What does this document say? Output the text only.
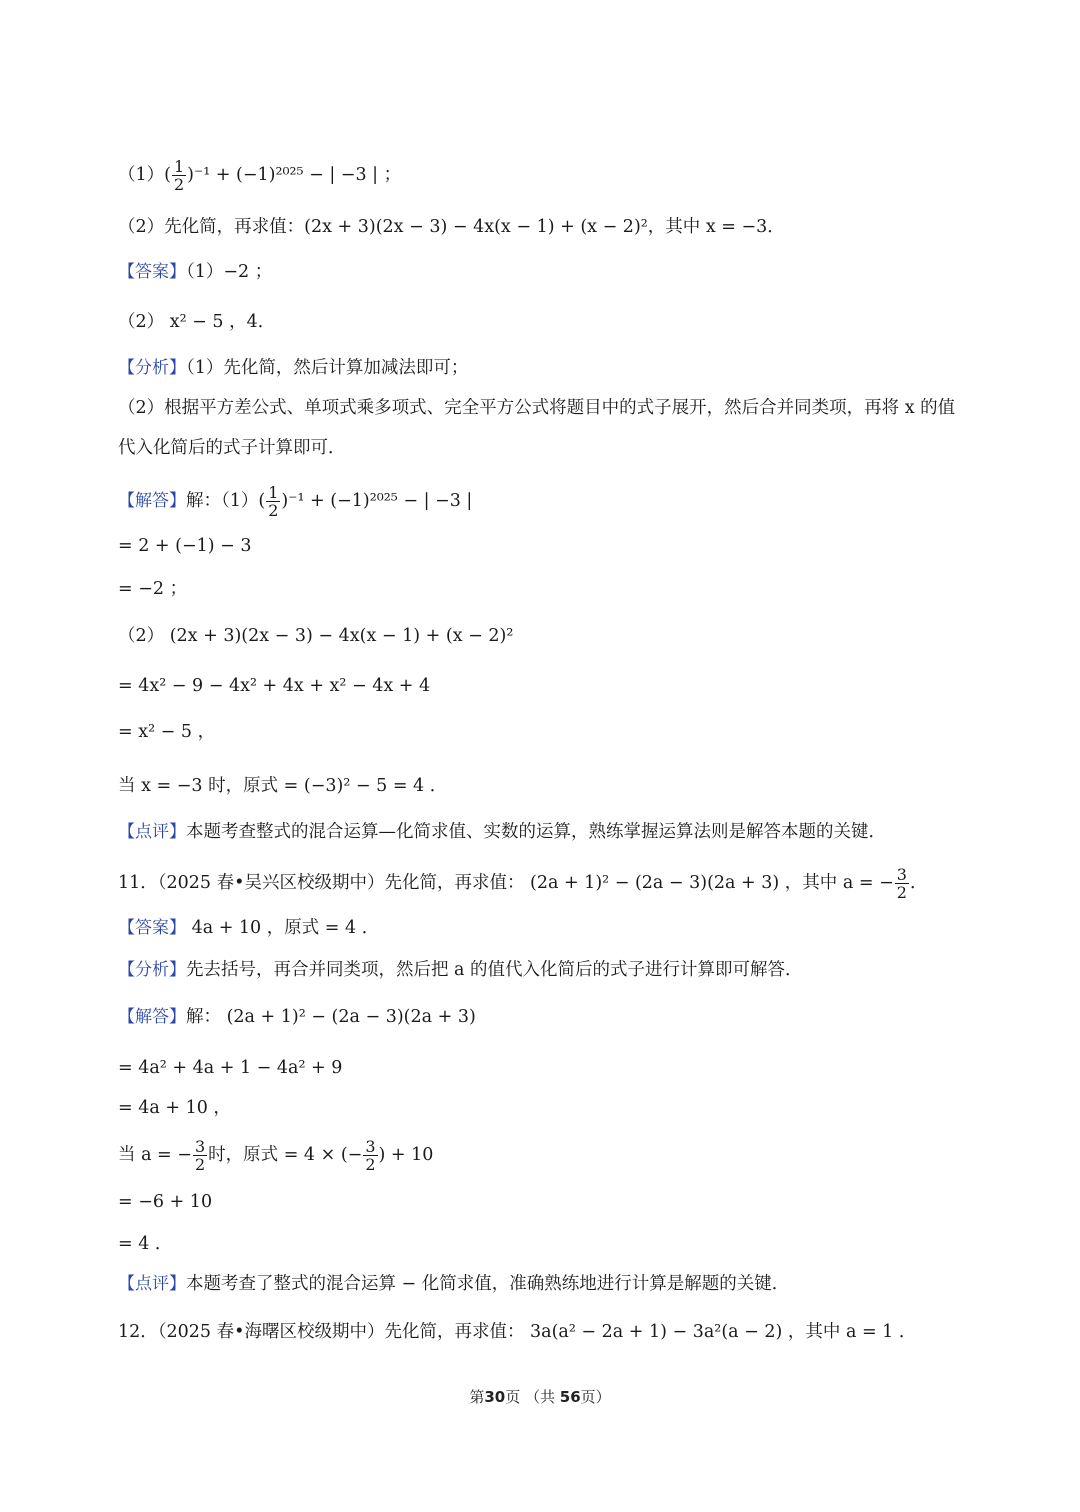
$(1)( \frac{1}{2} )^{-1} + (-1)^{2025}$ − | −3 | ；
（2）先化简，再求值：(2x + 3)(2x − 3) − 4x(x − 1) + (x − 2)²，其中 x = −3．
【答案】（1）−2 ；
（2） x² − 5 ，4．
【分析】（1）先化简，然后计算加减法即可；
（2）根据平方差公式、单项式乘多项式、完全平方公式将题目中的式子展开，然后合并同类项，再将 x 的值代入化简后的式子计算即可．
【解答】解：$(1)( \frac{1}{2} )^{-1} + (-1)^{2025}$ − | −3 |
= 2 + (−1) − 3
= −2 ；
（2） (2x + 3)(2x − 3) − 4x(x − 1) + (x − 2)²
= 4x² − 9 − 4x² + 4x + x² − 4x + 4
= x² − 5 ，
当 x = −3 时，原式 = (−3)² − 5 = 4 ．
【点评】本题考查整式的混合运算—化简求值、实数的运算，熟练掌握运算法则是解答本题的关键．
11．（2025 春•吴兴区校级期中）先化简，再求值： (2a + 1)² − (2a − 3)(2a + 3) ，其中 a = − $\frac{3}{2}$ ．
【答案】 4a + 10 ，原式 = 4 ．
【分析】先去括号，再合并同类项，然后把 a 的值代入化简后的式子进行计算即可解答．
【解答】解： (2a + 1)² − (2a − 3)(2a + 3)
= 4a² + 4a + 1 − 4a² + 9
= 4a + 10 ，
当 a = − $\frac{3}{2}$ 时，原式 = 4 × (− $\frac{3}{2}$ ) + 10
= −6 + 10
= 4 ．
【点评】本题考查了整式的混合运算 − 化简求值，准确熟练地进行计算是解题的关键．
12．（2025 春•海曙区校级期中）先化简，再求值： 3a(a² − 2a + 1) − 3a²(a − 2) ，其中 a = 1 ．
第30页 （共 56页）
